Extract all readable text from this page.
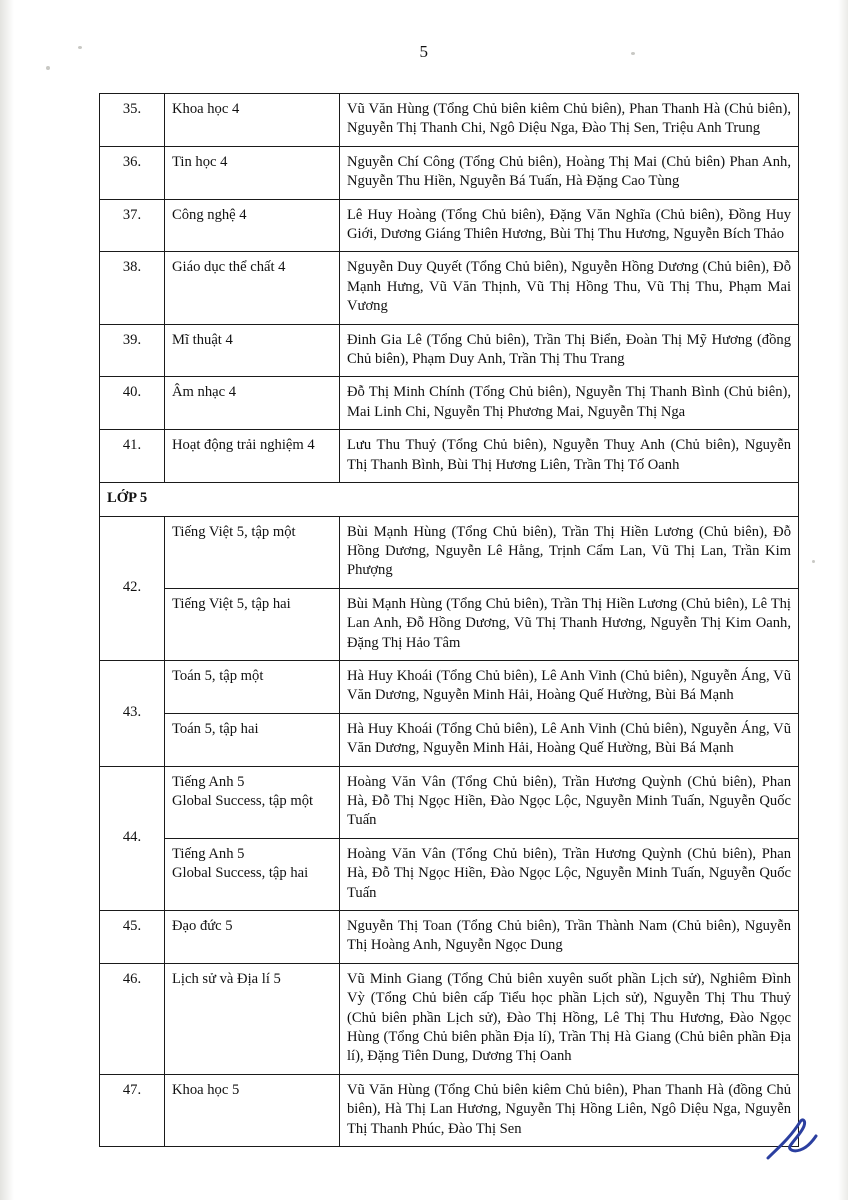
5
35.	Khoa học 4	Vũ Văn Hùng (Tổng Chủ biên kiêm Chủ biên), Phan Thanh Hà (Chủ biên), Nguyễn Thị Thanh Chi, Ngô Diệu Nga, Đào Thị Sen, Triệu Anh Trung
36.	Tin học 4	Nguyễn Chí Công (Tổng Chủ biên), Hoàng Thị Mai (Chủ biên) Phan Anh, Nguyễn Thu Hiền, Nguyễn Bá Tuấn, Hà Đặng Cao Tùng
37.	Công nghệ 4	Lê Huy Hoàng (Tổng Chủ biên), Đặng Văn Nghĩa (Chủ biên), Đồng Huy Giới, Dương Giáng Thiên Hương, Bùi Thị Thu Hương, Nguyễn Bích Thảo
38.	Giáo dục thể chất 4	Nguyễn Duy Quyết (Tổng Chủ biên), Nguyễn Hồng Dương (Chủ biên), Đỗ Mạnh Hưng, Vũ Văn Thịnh, Vũ Thị Hồng Thu, Vũ Thị Thu, Phạm Mai Vương
39.	Mĩ thuật 4	Đinh Gia Lê (Tổng Chủ biên), Trần Thị Biển, Đoàn Thị Mỹ Hương (đồng Chủ biên), Phạm Duy Anh, Trần Thị Thu Trang
40.	Âm nhạc 4	Đỗ Thị Minh Chính (Tổng Chủ biên), Nguyễn Thị Thanh Bình (Chủ biên), Mai Linh Chi, Nguyễn Thị Phương Mai, Nguyễn Thị Nga
41.	Hoạt động trải nghiệm 4	Lưu Thu Thuỷ (Tổng Chủ biên), Nguyễn Thuỵ Anh (Chủ biên), Nguyễn Thị Thanh Bình, Bùi Thị Hương Liên, Trần Thị Tố Oanh
LỚP 5		
42.	Tiếng Việt 5, tập một	Bùi Mạnh Hùng (Tổng Chủ biên), Trần Thị Hiền Lương (Chủ biên), Đỗ Hồng Dương, Nguyễn Lê Hằng, Trịnh Cẩm Lan, Vũ Thị Lan, Trần Kim Phượng

	Tiếng Việt 5, tập hai	Bùi Mạnh Hùng (Tổng Chủ biên), Trần Thị Hiền Lương (Chủ biên), Lê Thị Lan Anh, Đỗ Hồng Dương, Vũ Thị Thanh Hương, Nguyễn Thị Kim Oanh, Đặng Thị Hảo Tâm
43.	Toán 5, tập một	Hà Huy Khoái (Tổng Chủ biên), Lê Anh Vinh (Chủ biên), Nguyễn Áng, Vũ Văn Dương, Nguyễn Minh Hải, Hoàng Quế Hường, Bùi Bá Mạnh

	Toán 5, tập hai	Hà Huy Khoái (Tổng Chủ biên), Lê Anh Vinh (Chủ biên), Nguyễn Áng, Vũ Văn Dương, Nguyễn Minh Hải, Hoàng Quế Hường, Bùi Bá Mạnh
44.	Tiếng Anh 5
Global Success, tập một	Hoàng Văn Vân (Tổng Chủ biên), Trần Hương Quỳnh (Chủ biên), Phan Hà, Đỗ Thị Ngọc Hiền, Đào Ngọc Lộc, Nguyễn Minh Tuấn, Nguyễn Quốc Tuấn

	Tiếng Anh 5
Global Success, tập hai	Hoàng Văn Vân (Tổng Chủ biên), Trần Hương Quỳnh (Chủ biên), Phan Hà, Đỗ Thị Ngọc Hiền, Đào Ngọc Lộc, Nguyễn Minh Tuấn, Nguyễn Quốc Tuấn
45.	Đạo đức 5	Nguyễn Thị Toan (Tổng Chủ biên), Trần Thành Nam (Chủ biên), Nguyễn Thị Hoàng Anh, Nguyễn Ngọc Dung
46.	Lịch sử và Địa lí 5	Vũ Minh Giang (Tổng Chủ biên xuyên suốt phần Lịch sử), Nghiêm Đình Vỳ (Tổng Chủ biên cấp Tiểu học phần Lịch sử), Nguyễn Thị Thu Thuỷ (Chủ biên phần Lịch sử), Đào Thị Hồng, Lê Thị Thu Hương, Đào Ngọc Hùng (Tổng Chủ biên phần Địa lí), Trần Thị Hà Giang (Chủ biên phần Địa lí), Đặng Tiên Dung, Dương Thị Oanh
47.	Khoa học 5	Vũ Văn Hùng (Tổng Chủ biên kiêm Chủ biên), Phan Thanh Hà (đồng Chủ biên), Hà Thị Lan Hương, Nguyễn Thị Hồng Liên, Ngô Diệu Nga, Nguyễn Thị Thanh Phúc, Đào Thị Sen
